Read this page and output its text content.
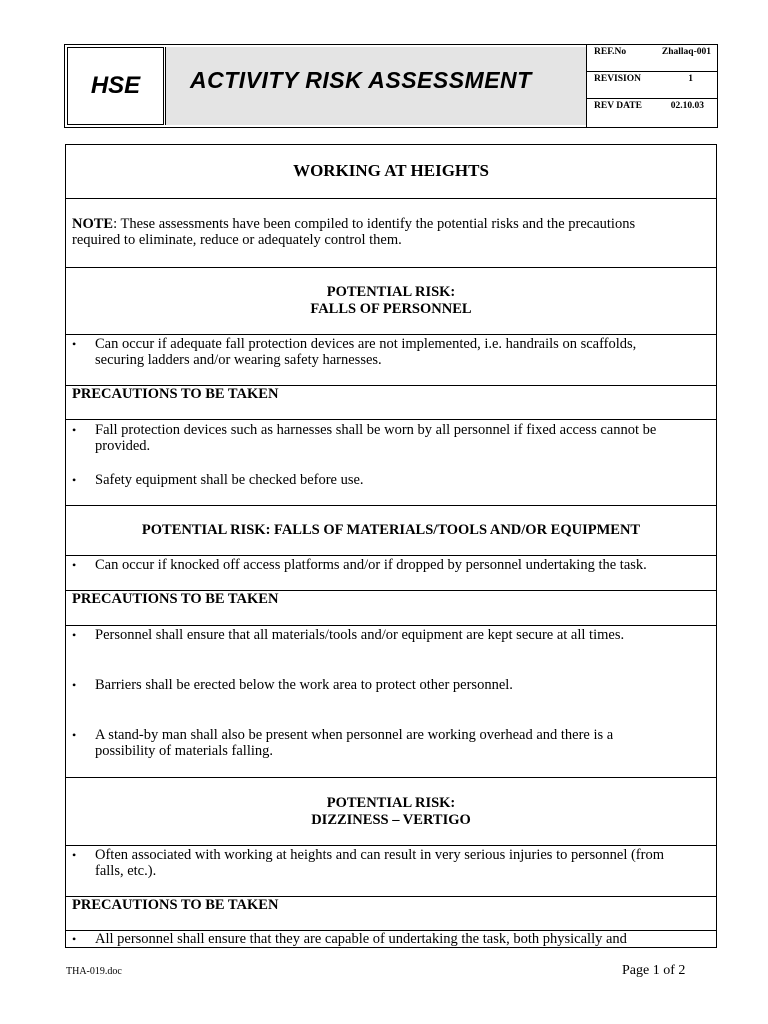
HSE	ACTIVITY RISK ASSESSMENT
REF.No	Zhallaq-001
REVISION	1
REV DATE	02.10.03
WORKING AT HEIGHTS
NOTE: These assessments have been compiled to identify the potential risks and the precautions
required to eliminate, reduce or adequately control them.
POTENTIAL RISK:
FALLS OF PERSONNEL
• Can occur if adequate fall protection devices are not implemented, i.e. handrails on scaffolds,
securing ladders and/or wearing safety harnesses.
PRECAUTIONS TO BE TAKEN
• Fall protection devices such as harnesses shall be worn by all personnel if fixed access cannot be
provided.
• Safety equipment shall be checked before use.
POTENTIAL RISK: FALLS OF MATERIALS/TOOLS AND/OR EQUIPMENT
• Can occur if knocked off access platforms and/or if dropped by personnel undertaking the task.
PRECAUTIONS TO BE TAKEN
• Personnel shall ensure that all materials/tools and/or equipment are kept secure at all times.
• Barriers shall be erected below the work area to protect other personnel.
• A stand-by man shall also be present when personnel are working overhead and there is a
possibility of materials falling.
POTENTIAL RISK:
DIZZINESS – VERTIGO
• Often associated with working at heights and can result in very serious injuries to personnel (from
falls, etc.).
PRECAUTIONS TO BE TAKEN
• All personnel shall ensure that they are capable of undertaking the task, both physically and
THA-019.doc	Page 1 of 2
